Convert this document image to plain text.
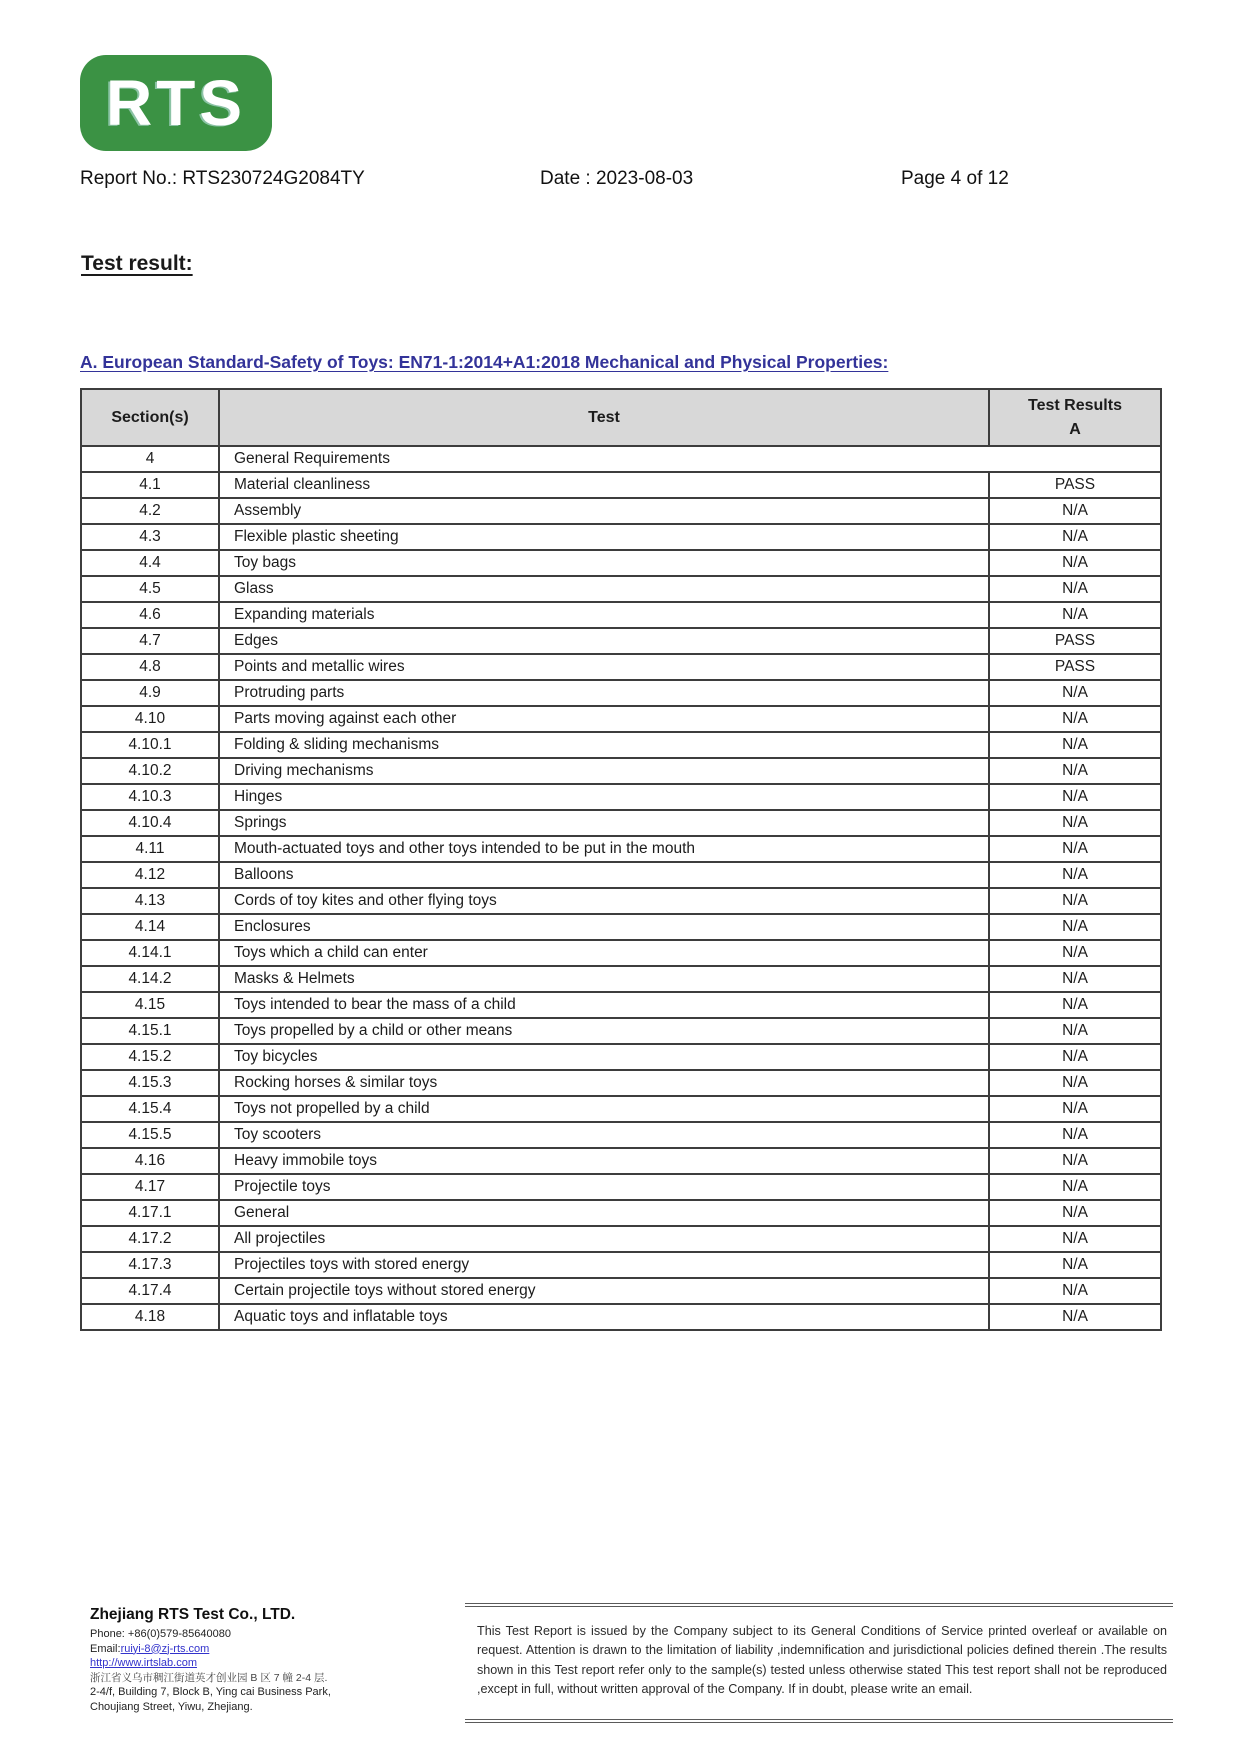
RTS
Report No.: RTS230724G2084TY	Date : 2023-08-03	Page 4 of 12
Test result:
A. European Standard-Safety of Toys: EN71-1:2014+A1:2018 Mechanical and Physical Properties:
Section(s)	Test	Test Results
A

4	General Requirements	
4.1	Material cleanliness	PASS
4.2	Assembly	N/A
4.3	Flexible plastic sheeting	N/A
4.4	Toy bags	N/A
4.5	Glass	N/A
4.6	Expanding materials	N/A
4.7	Edges	PASS
4.8	Points and metallic wires	PASS
4.9	Protruding parts	N/A
4.10	Parts moving against each other	N/A
4.10.1	Folding & sliding mechanisms	N/A
4.10.2	Driving mechanisms	N/A
4.10.3	Hinges	N/A
4.10.4	Springs	N/A
4.11	Mouth-actuated toys and other toys intended to be put in the mouth	N/A
4.12	Balloons	N/A
4.13	Cords of toy kites and other flying toys	N/A
4.14	Enclosures	N/A
4.14.1	Toys which a child can enter	N/A
4.14.2	Masks & Helmets	N/A
4.15	Toys intended to bear the mass of a child	N/A
4.15.1	Toys propelled by a child or other means	N/A
4.15.2	Toy bicycles	N/A
4.15.3	Rocking horses & similar toys	N/A
4.15.4	Toys not propelled by a child	N/A
4.15.5	Toy scooters	N/A
4.16	Heavy immobile toys	N/A
4.17	Projectile toys	N/A
4.17.1	General	N/A
4.17.2	All projectiles	N/A
4.17.3	Projectiles toys with stored energy	N/A
4.17.4	Certain projectile toys without stored energy	N/A
4.18	Aquatic toys and inflatable toys	N/A
Zhejiang RTS Test Co., LTD.
Phone: +86(0)579-85640080
Email:ruiyi-8@zj-rts.com
http://www.irtslab.com
浙江省义乌市稠江街道英才创业园 B 区 7 幢 2-4 层.
2-4/f, Building 7, Block B, Ying cai Business Park,
Choujiang Street, Yiwu, Zhejiang.
This Test Report is issued by the Company subject to its General Conditions of Service printed overleaf or available on request. Attention is drawn to the limitation of liability ,indemnification and jurisdictional policies defined therein .The results shown in this Test report refer only to the sample(s) tested unless otherwise stated This test report shall not be reproduced ,except in full, without written approval of the Company. If in doubt, please write an email.
